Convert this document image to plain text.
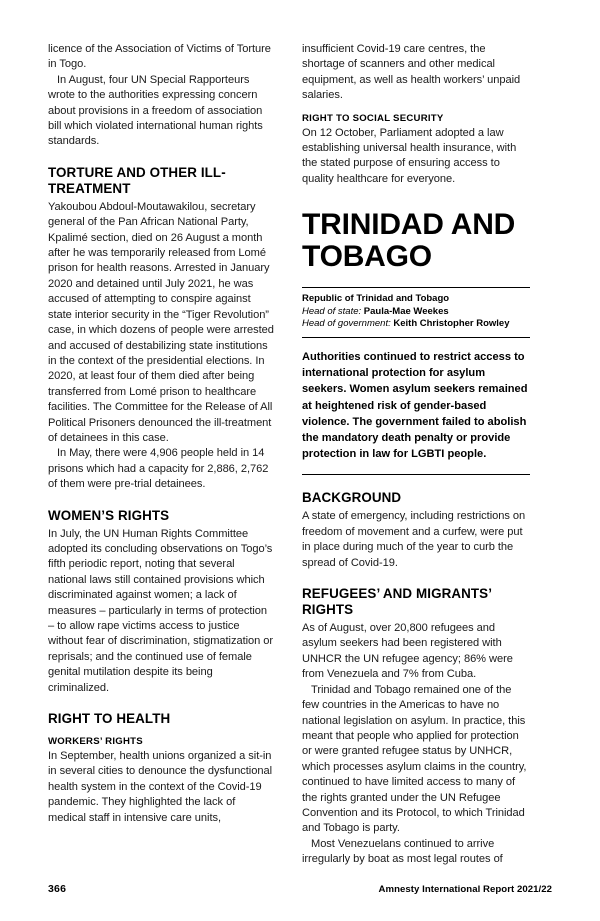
licence of the Association of Victims of Torture in Togo.

In August, four UN Special Rapporteurs wrote to the authorities expressing concern about provisions in a freedom of association bill which violated international human rights standards.

TORTURE AND OTHER ILL-TREATMENT

Yakoubou Abdoul-Moutawakilou, secretary general of the Pan African National Party, Kpalimé section, died on 26 August a month after he was temporarily released from Lomé prison for health reasons. Arrested in January 2020 and detained until July 2021, he was accused of attempting to conspire against state interior security in the “Tiger Revolution” case, in which dozens of people were arrested and accused of destabilizing state institutions in the context of the presidential elections. In 2020, at least four of them died after being transferred from Lomé prison to healthcare facilities. The Committee for the Release of All Political Prisoners denounced the ill-treatment of detainees in this case.

In May, there were 4,906 people held in 14 prisons which had a capacity for 2,886, 2,762 of them were pre-trial detainees.

WOMEN’S RIGHTS

In July, the UN Human Rights Committee adopted its concluding observations on Togo’s fifth periodic report, noting that several national laws still contained provisions which discriminated against women; a lack of measures – particularly in terms of protection – to allow rape victims access to justice without fear of discrimination, stigmatization or reprisals; and the continued use of female genital mutilation despite its being criminalized.

RIGHT TO HEALTH
WORKERS’ RIGHTS

In September, health unions organized a sit-in in several cities to denounce the dysfunctional health system in the context of the Covid-19 pandemic. They highlighted the lack of medical staff in intensive care units,

insufficient Covid-19 care centres, the shortage of scanners and other medical equipment, as well as health workers’ unpaid salaries.

RIGHT TO SOCIAL SECURITY

On 12 October, Parliament adopted a law establishing universal health insurance, with the stated purpose of ensuring access to quality healthcare for everyone.

TRINIDAD AND TOBAGO
Republic of Trinidad and Tobago
Head of state: Paula-Mae Weekes
Head of government: Keith Christopher Rowley
Authorities continued to restrict access to international protection for asylum seekers. Women asylum seekers remained at heightened risk of gender-based violence. The government failed to abolish the mandatory death penalty or provide protection in law for LGBTI people.
BACKGROUND

A state of emergency, including restrictions on freedom of movement and a curfew, were put in place during much of the year to curb the spread of Covid-19.

REFUGEES’ AND MIGRANTS’ RIGHTS

As of August, over 20,800 refugees and asylum seekers had been registered with UNHCR the UN refugee agency; 86% were from Venezuela and 7% from Cuba.

Trinidad and Tobago remained one of the few countries in the Americas to have no national legislation on asylum. In practice, this meant that people who applied for protection or were granted refugee status by UNHCR, which processes asylum claims in the country, continued to have limited access to many of the rights granted under the UN Refugee Convention and its Protocol, to which Trinidad and Tobago is party.

Most Venezuelans continued to arrive irregularly by boat as most legal routes of

366	Amnesty International Report 2021/22
